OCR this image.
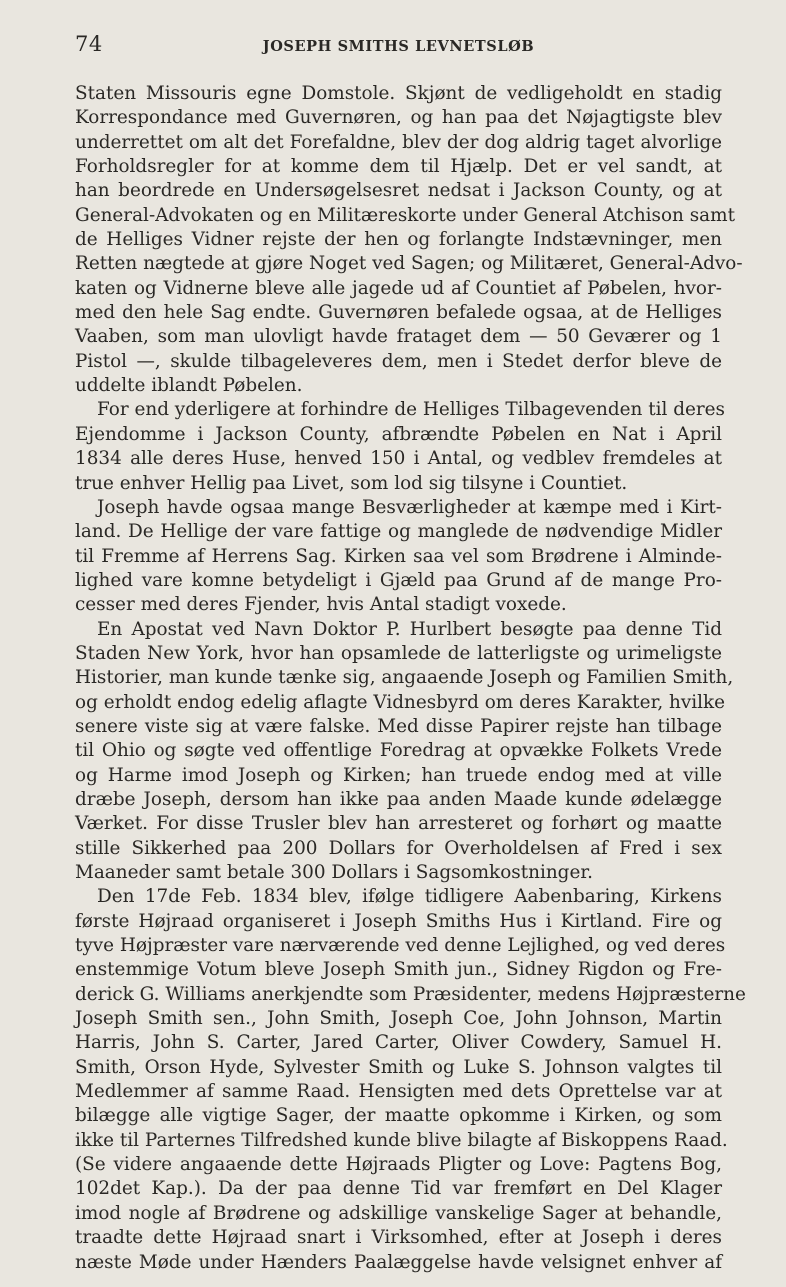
74	JOSEPH SMITHS LEVNETSLØB
Staten Missouris egne Domstole. Skjønt de vedligeholdt en stadig
Korrespondance med Guvernøren, og han paa det Nøjagtigste blev
underrettet om alt det Forefaldne, blev der dog aldrig taget alvorlige
Forholdsregler for at komme dem til Hjælp. Det er vel sandt, at
han beordrede en Undersøgelsesret nedsat i Jackson County, og at
General-Advokaten og en Militæreskorte under General Atchison samt
de Helliges Vidner rejste der hen og forlangte Indstævninger, men
Retten nægtede at gjøre Noget ved Sagen; og Militæret, General-Advo-
katen og Vidnerne bleve alle jagede ud af Countiet af Pøbelen, hvor-
med den hele Sag endte. Guvernøren befalede ogsaa, at de Helliges
Vaaben, som man ulovligt havde frataget dem — 50 Geværer og 1
Pistol —, skulde tilbageleveres dem, men i Stedet derfor bleve de
uddelte iblandt Pøbelen.
For end yderligere at forhindre de Helliges Tilbagevenden til deres
Ejendomme i Jackson County, afbrændte Pøbelen en Nat i April
1834 alle deres Huse, henved 150 i Antal, og vedblev fremdeles at
true enhver Hellig paa Livet, som lod sig tilsyne i Countiet.
Joseph havde ogsaa mange Besværligheder at kæmpe med i Kirt-
land. De Hellige der vare fattige og manglede de nødvendige Midler
til Fremme af Herrens Sag. Kirken saa vel som Brødrene i Alminde-
lighed vare komne betydeligt i Gjæld paa Grund af de mange Pro-
cesser med deres Fjender, hvis Antal stadigt voxede.
En Apostat ved Navn Doktor P. Hurlbert besøgte paa denne Tid
Staden New York, hvor han opsamlede de latterligste og urimeligste
Historier, man kunde tænke sig, angaaende Joseph og Familien Smith,
og erholdt endog edelig aflagte Vidnesbyrd om deres Karakter, hvilke
senere viste sig at være falske. Med disse Papirer rejste han tilbage
til Ohio og søgte ved offentlige Foredrag at opvække Folkets Vrede
og Harme imod Joseph og Kirken; han truede endog med at ville
dræbe Joseph, dersom han ikke paa anden Maade kunde ødelægge
Værket. For disse Trusler blev han arresteret og forhørt og maatte
stille Sikkerhed paa 200 Dollars for Overholdelsen af Fred i sex
Maaneder samt betale 300 Dollars i Sagsomkostninger.
Den 17de Feb. 1834 blev, ifølge tidligere Aabenbaring, Kirkens
første Højraad organiseret i Joseph Smiths Hus i Kirtland. Fire og
tyve Højpræster vare nærværende ved denne Lejlighed, og ved deres
enstemmige Votum bleve Joseph Smith jun., Sidney Rigdon og Fre-
derick G. Williams anerkjendte som Præsidenter, medens Højpræsterne
Joseph Smith sen., John Smith, Joseph Coe, John Johnson, Martin
Harris, John S. Carter, Jared Carter, Oliver Cowdery, Samuel H.
Smith, Orson Hyde, Sylvester Smith og Luke S. Johnson valgtes til
Medlemmer af samme Raad. Hensigten med dets Oprettelse var at
bilægge alle vigtige Sager, der maatte opkomme i Kirken, og som
ikke til Parternes Tilfredshed kunde blive bilagte af Biskoppens Raad.
(Se videre angaaende dette Højraads Pligter og Love: Pagtens Bog,
102det Kap.). Da der paa denne Tid var fremført en Del Klager
imod nogle af Brødrene og adskillige vanskelige Sager at behandle,
traadte dette Højraad snart i Virksomhed, efter at Joseph i deres
næste Møde under Hænders Paalæggelse havde velsignet enhver af
